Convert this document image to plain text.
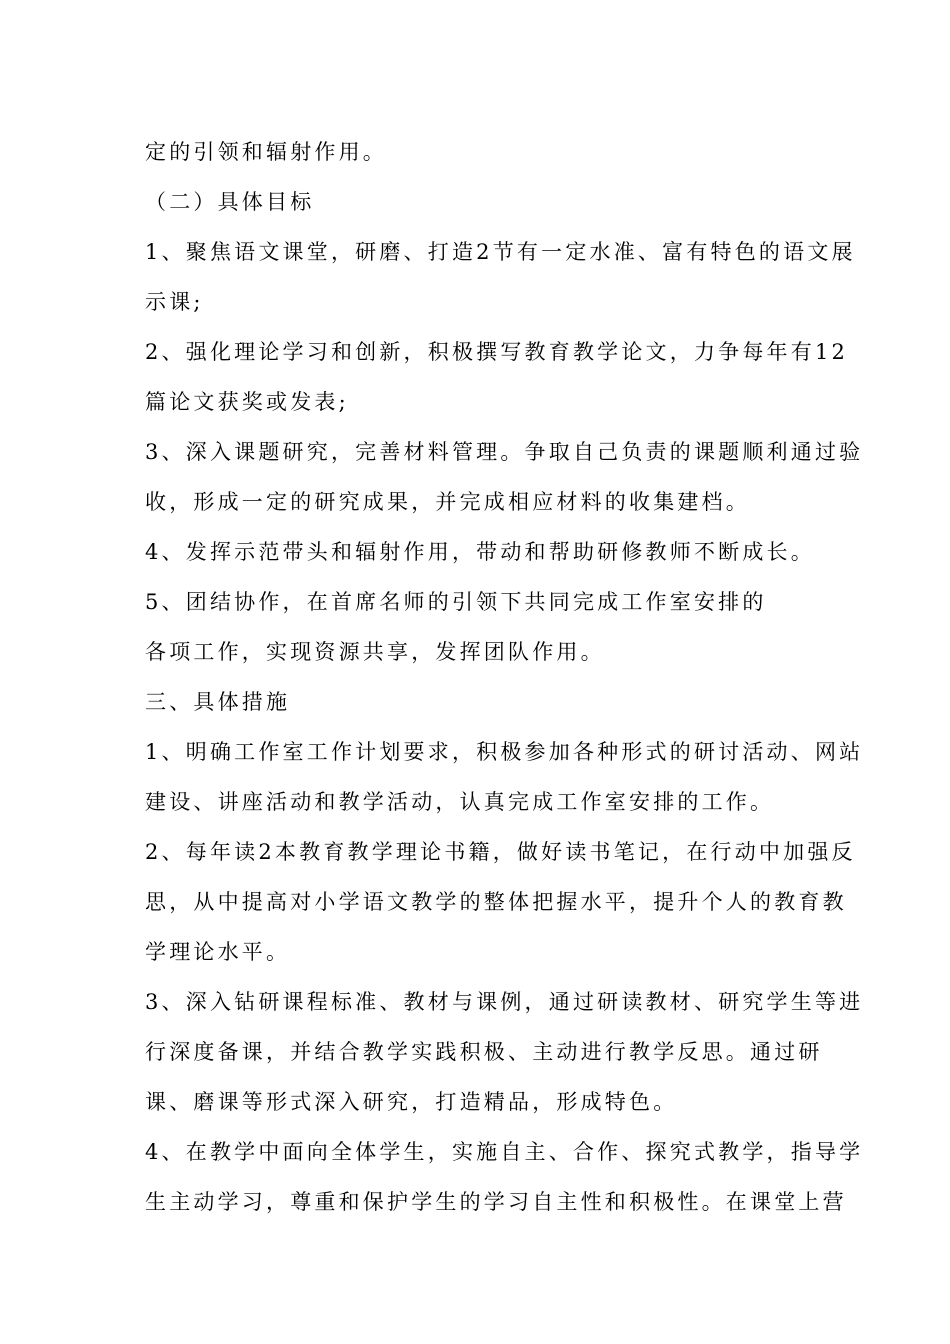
定的引领和辐射作用。
（二）具体目标
1、聚焦语文课堂，研磨、打造2节有一定水准、富有特色的语文展
示课;
2、强化理论学习和创新，积极撰写教育教学论文，力争每年有12
篇论文获奖或发表;
3、深入课题研究，完善材料管理。争取自己负责的课题顺利通过验
收，形成一定的研究成果，并完成相应材料的收集建档。
4、发挥示范带头和辐射作用，带动和帮助研修教师不断成长。
5、团结协作，在首席名师的引领下共同完成工作室安排的
各项工作，实现资源共享，发挥团队作用。
三、具体措施
1、明确工作室工作计划要求，积极参加各种形式的研讨活动、网站
建设、讲座活动和教学活动，认真完成工作室安排的工作。
2、每年读2本教育教学理论书籍，做好读书笔记，在行动中加强反
思，从中提高对小学语文教学的整体把握水平，提升个人的教育教
学理论水平。
3、深入钻研课程标准、教材与课例，通过研读教材、研究学生等进
行深度备课，并结合教学实践积极、主动进行教学反思。通过研
课、磨课等形式深入研究，打造精品，形成特色。
4、在教学中面向全体学生，实施自主、合作、探究式教学，指导学
生主动学习，尊重和保护学生的学习自主性和积极性。在课堂上营
